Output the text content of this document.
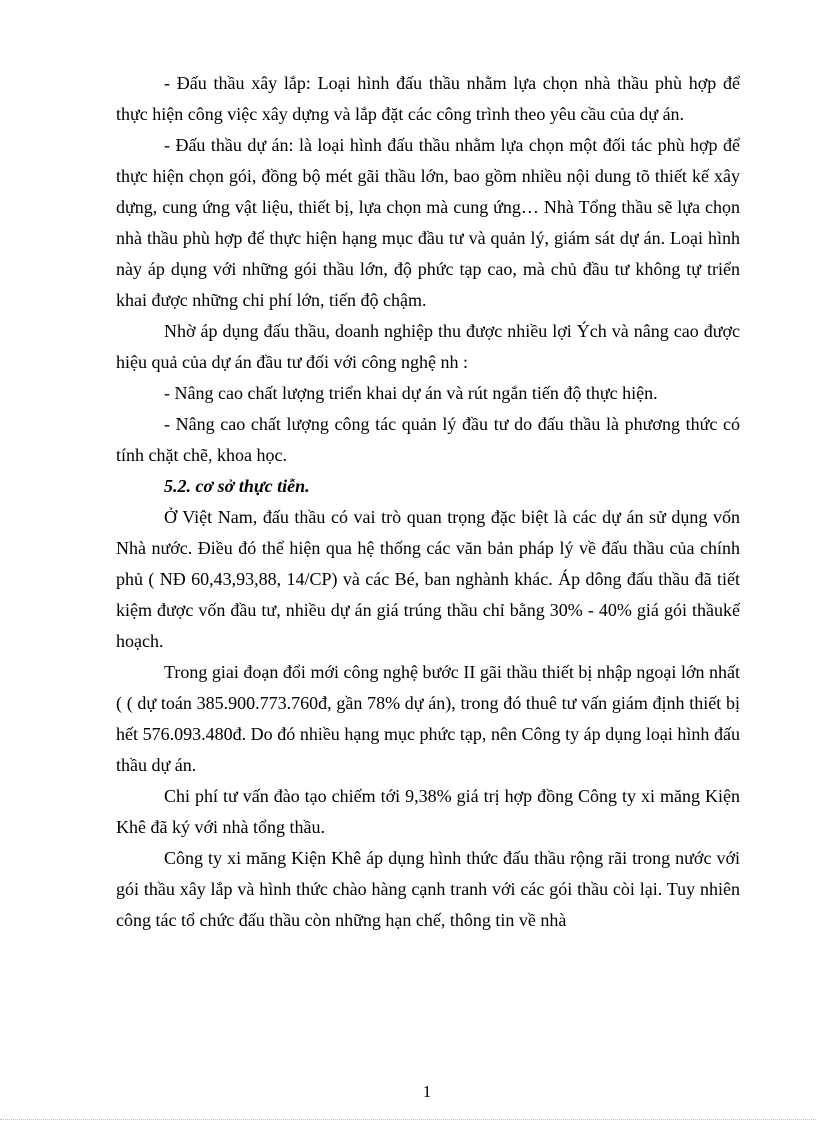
- Đấu thầu xây lắp: Loại hình đấu thầu nhằm lựa chọn nhà thầu phù hợp để thực hiện công việc xây dựng và lắp đặt các công trình theo yêu cầu của dự án.

- Đấu thầu dự án: là loại hình đấu thầu nhằm lựa chọn một đối tác phù hợp để thực hiện chọn gói, đồng bộ mét gãi thầu lớn, bao gồm nhiều nội dung tõ thiết kế xây dựng, cung ứng vật liệu, thiết bị, lựa chọn mà cung ứng… Nhà Tổng thầu sẽ lựa chọn nhà thầu phù hợp để thực hiện hạng mục đầu tư và quản lý, giám sát dự án. Loại hình này áp dụng với những gói thầu lớn, độ phức tạp cao, mà chủ đầu tư không tự triển khai được những chi phí lớn, tiến độ chậm.

Nhờ áp dụng đấu thầu, doanh nghiệp thu được nhiều lợi Ých và nâng cao được hiệu quả của dự án đầu tư đối với công nghệ nh :

- Nâng cao chất lượng triển khai dự án và rút ngắn tiến độ thực hiện.

- Nâng cao chất lượng công tác quản lý đầu tư do đấu thầu là phương thức có tính chặt chẽ, khoa học.

5.2. cơ sở thực tiễn.

Ở Việt Nam, đấu thầu có vai trò quan trọng đặc biệt là các dự án sử dụng vốn Nhà nước. Điều đó thể hiện qua hệ thống các văn bản pháp lý về đấu thầu của chính phủ ( NĐ 60,43,93,88, 14/CP) và các Bé, ban nghành khác. Áp dông đấu thầu đã tiết kiệm được vốn đầu tư, nhiều dự án giá trúng thầu chỉ bằng 30% - 40% giá gói thầukế hoạch.

Trong giai đoạn đổi mới công nghệ bước II gãi thầu thiết bị nhập ngoại lớn nhất ( ( dự toán 385.900.773.760đ, gần 78% dự án), trong đó thuê tư vấn giám định thiết bị hết 576.093.480đ. Do đó nhiều hạng mục phức tạp, nên Công ty áp dụng loại hình đấu thầu dự án.

Chi phí tư vấn đào tạo chiếm tới 9,38% giá trị hợp đồng Công ty xi măng Kiện Khê đã ký với nhà tổng thầu.

Công ty xi măng Kiện Khê áp dụng hình thức đấu thầu rộng rãi trong nước với gói thầu xây lắp và hình thức chào hàng cạnh tranh với các gói thầu còi lại. Tuy nhiên công tác tổ chức đấu thầu còn những hạn chế, thông tin về nhà

1
